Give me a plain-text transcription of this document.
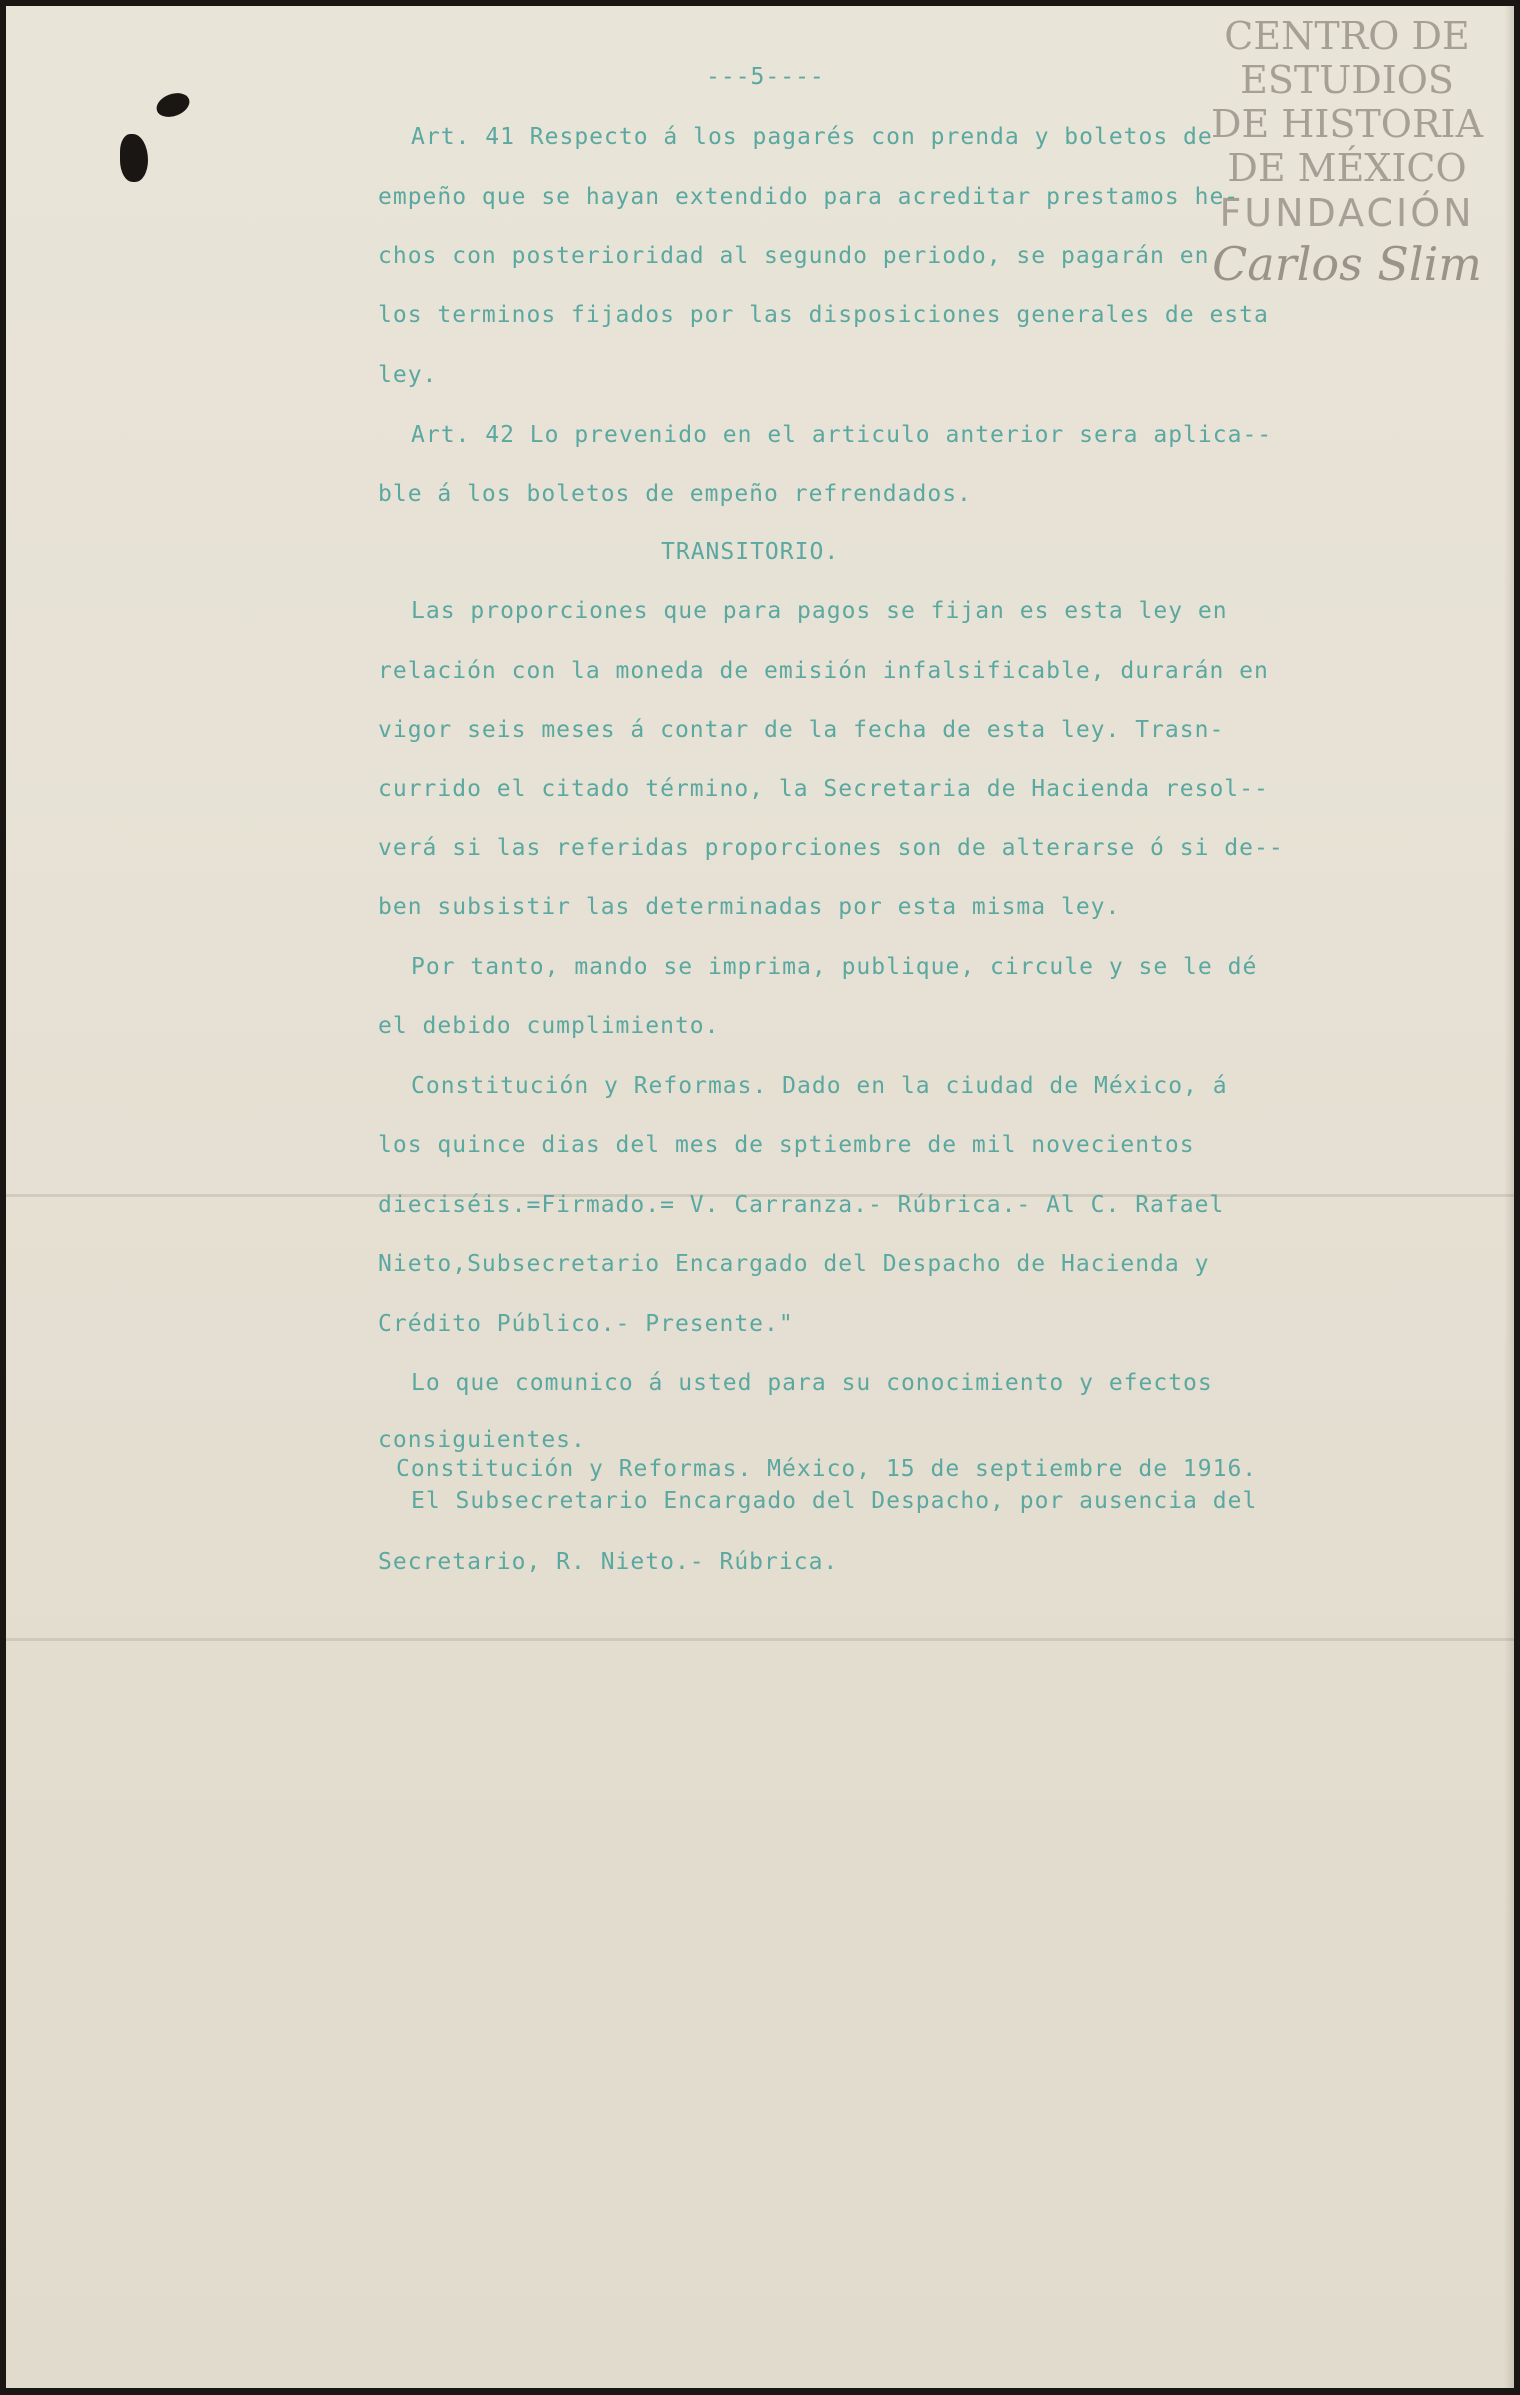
CENTRO DE
ESTUDIOS
DE HISTORIA
DE MÉXICO
FUNDACIÓN
Carlos Slim
---5----
Art. 41 Respecto á los pagarés con prenda y boletos de
empeño que se hayan extendido para acreditar prestamos he-
chos con posterioridad al segundo periodo, se pagarán en
los terminos fijados por las disposiciones generales de esta
ley.
Art. 42 Lo prevenido en el articulo anterior sera aplica--
ble á los boletos de empeño refrendados.
TRANSITORIO.
Las proporciones que para pagos se fijan es esta ley en
relación con la moneda de emisión infalsificable, durarán en
vigor seis meses á contar de la fecha de esta ley. Trasn-
currido el citado término, la Secretaria de Hacienda resol--
verá si las referidas proporciones son de alterarse ó si de--
ben subsistir las determinadas por esta misma ley.
Por tanto, mando se imprima, publique, circule y se le dé
el debido cumplimiento.
Constitución y Reformas. Dado en la ciudad de México, á
los quince dias del mes de sptiembre de mil novecientos
dieciséis.=Firmado.= V. Carranza.- Rúbrica.- Al C. Rafael
Nieto,Subsecretario Encargado del Despacho de Hacienda y
Crédito Público.- Presente."
Lo que comunico á usted para su conocimiento y efectos
consiguientes.
Constitución y Reformas. México, 15 de septiembre de 1916.
El Subsecretario Encargado del Despacho, por ausencia del
Secretario, R. Nieto.- Rúbrica.
